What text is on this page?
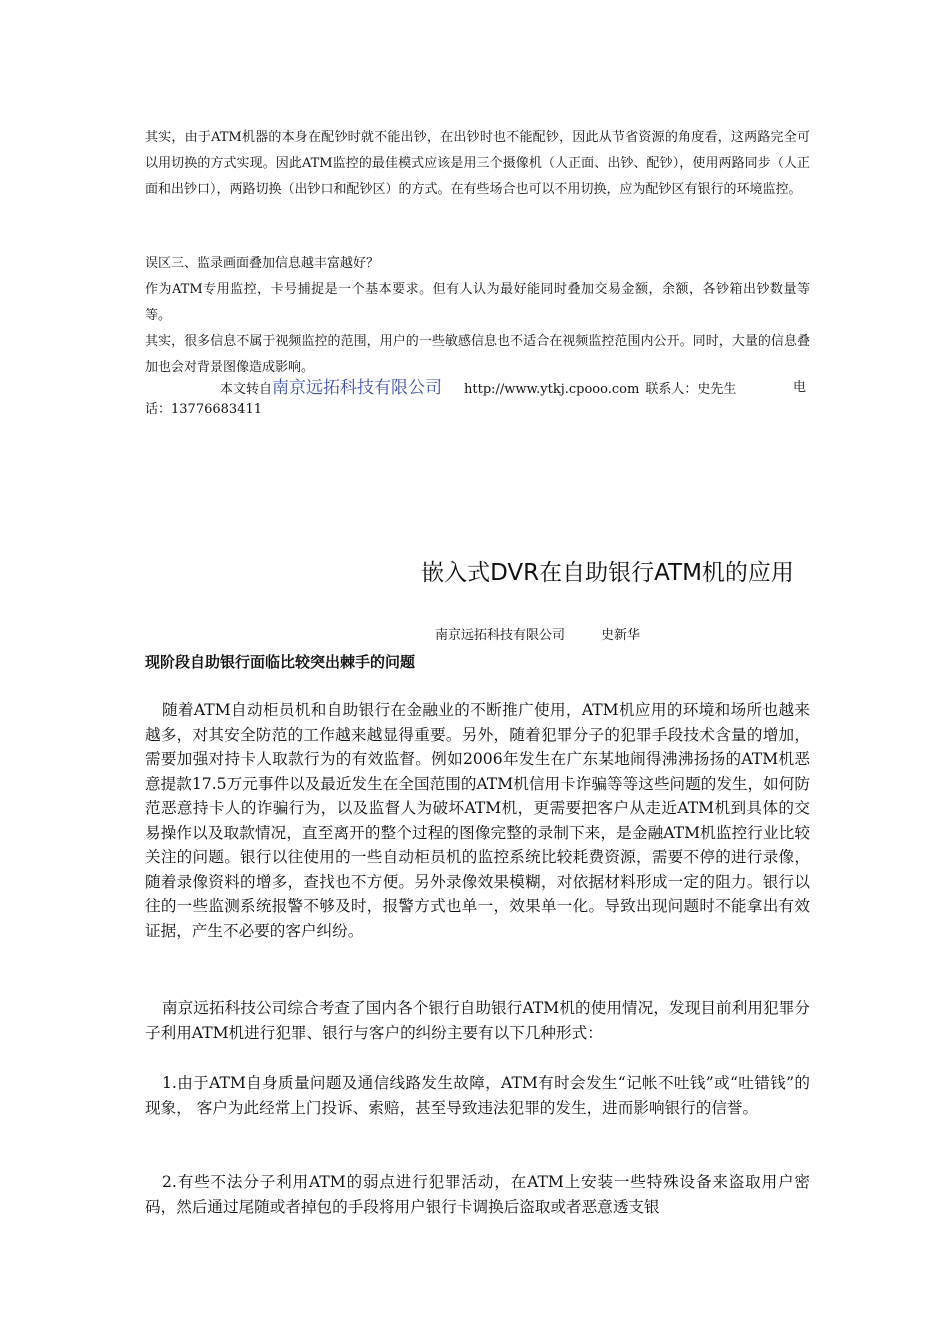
其实，由于ATM机器的本身在配钞时就不能出钞，在出钞时也不能配钞，因此从节省资源的角度看，这两路完全可以用切换的方式实现。因此ATM监控的最佳模式应该是用三个摄像机（人正面、出钞、配钞），使用两路同步（人正面和出钞口），两路切换（出钞口和配钞区）的方式。在有些场合也可以不用切换，应为配钞区有银行的环境监控。

误区三、监录画面叠加信息越丰富越好？

作为ATM专用监控，卡号捕捉是一个基本要求。但有人认为最好能同时叠加交易金额，余额，各钞箱出钞数量等等。

其实，很多信息不属于视频监控的范围，用户的一些敏感信息也不适合在视频监控范围内公开。同时，大量的信息叠加也会对背景图像造成影响。

本文转自南京远拓科技有限公司 http://www.ytkj.cpooo.com 联系人：史先生	电
话：13776683411
嵌入式DVR在自助银行ATM机的应用
南京远拓科技有限公司	史新华
现阶段自助银行面临比较突出棘手的问题

随着ATM自动柜员机和自助银行在金融业的不断推广使用，ATM机应用的环境和场所也越来越多，对其安全防范的工作越来越显得重要。另外，随着犯罪分子的犯罪手段技术含量的增加，需要加强对持卡人取款行为的有效监督。例如2006年发生在广东某地闹得沸沸扬扬的ATM机恶意提款17.5万元事件以及最近发生在全国范围的ATM机信用卡诈骗等等这些问题的发生，如何防范恶意持卡人的诈骗行为，以及监督人为破坏ATM机，更需要把客户从走近ATM机到具体的交易操作以及取款情况，直至离开的整个过程的图像完整的录制下来，是金融ATM机监控行业比较关注的问题。银行以往使用的一些自动柜员机的监控系统比较耗费资源，需要不停的进行录像，随着录像资料的增多，查找也不方便。另外录像效果模糊，对依据材料形成一定的阻力。银行以往的一些监测系统报警不够及时，报警方式也单一，效果单一化。导致出现问题时不能拿出有效证据，产生不必要的客户纠纷。

南京远拓科技公司综合考查了国内各个银行自助银行ATM机的使用情况，发现目前利用犯罪分子利用ATM机进行犯罪、银行与客户的纠纷主要有以下几种形式：

1.由于ATM自身质量问题及通信线路发生故障，ATM有时会发生“记帐不吐钱”或“吐错钱”的现象， 客户为此经常上门投诉、索赔，甚至导致违法犯罪的发生，进而影响银行的信誉。

2.有些不法分子利用ATM的弱点进行犯罪活动，在ATM上安装一些特殊设备来盗取用户密码，然后通过尾随或者掉包的手段将用户银行卡调换后盗取或者恶意透支银
